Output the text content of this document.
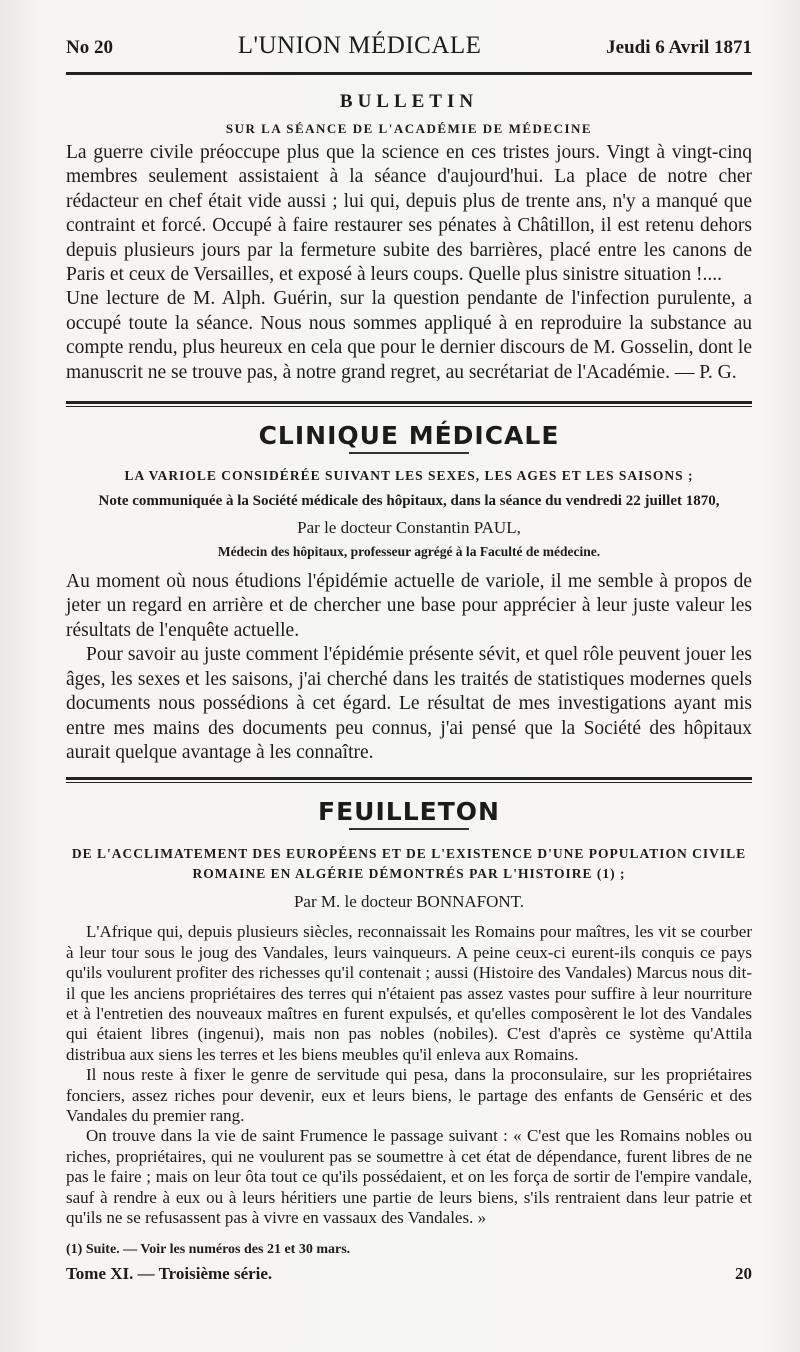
No 20	L'UNION MÉDICALE	Jeudi 6 Avril 1871
BULLETIN
SUR LA SÉANCE DE L'ACADÉMIE DE MÉDECINE

La guerre civile préoccupe plus que la science en ces tristes jours. Vingt à vingt-cinq membres seulement assistaient à la séance d'aujourd'hui. La place de notre cher rédacteur en chef était vide aussi ; lui qui, depuis plus de trente ans, n'y a manqué que contraint et forcé. Occupé à faire restaurer ses pénates à Châtillon, il est retenu dehors depuis plusieurs jours par la fermeture subite des barrières, placé entre les canons de Paris et ceux de Versailles, et exposé à leurs coups. Quelle plus sinistre situation !....

Une lecture de M. Alph. Guérin, sur la question pendante de l'infection purulente, a occupé toute la séance. Nous nous sommes appliqué à en reproduire la substance au compte rendu, plus heureux en cela que pour le dernier discours de M. Gosselin, dont le manuscrit ne se trouve pas, à notre grand regret, au secrétariat de l'Académie. — P. G.

CLINIQUE MÉDICALE
LA VARIOLE CONSIDÉRÉE SUIVANT LES SEXES, LES AGES ET LES SAISONS ;
Note communiquée à la Société médicale des hôpitaux, dans la séance du vendredi 22 juillet 1870,
Par le docteur Constantin PAUL,
Médecin des hôpitaux, professeur agrégé à la Faculté de médecine.

Au moment où nous étudions l'épidémie actuelle de variole, il me semble à propos de jeter un regard en arrière et de chercher une base pour apprécier à leur juste valeur les résultats de l'enquête actuelle.

Pour savoir au juste comment l'épidémie présente sévit, et quel rôle peuvent jouer les âges, les sexes et les saisons, j'ai cherché dans les traités de statistiques modernes quels documents nous possédions à cet égard. Le résultat de mes investigations ayant mis entre mes mains des documents peu connus, j'ai pensé que la Société des hôpitaux aurait quelque avantage à les connaître.

FEUILLETON
DE L'ACCLIMATEMENT DES EUROPÉENS ET DE L'EXISTENCE D'UNE POPULATION CIVILE ROMAINE EN ALGÉRIE DÉMONTRÉS PAR L'HISTOIRE (1) ;
Par M. le docteur BONNAFONT.

L'Afrique qui, depuis plusieurs siècles, reconnaissait les Romains pour maîtres, les vit se courber à leur tour sous le joug des Vandales, leurs vainqueurs. A peine ceux-ci eurent-ils conquis ce pays qu'ils voulurent profiter des richesses qu'il contenait ; aussi (Histoire des Vandales) Marcus nous dit-il que les anciens propriétaires des terres qui n'étaient pas assez vastes pour suffire à leur nourriture et à l'entretien des nouveaux maîtres en furent expulsés, et qu'elles composèrent le lot des Vandales qui étaient libres (ingenui), mais non pas nobles (nobiles). C'est d'après ce système qu'Attila distribua aux siens les terres et les biens meubles qu'il enleva aux Romains.

Il nous reste à fixer le genre de servitude qui pesa, dans la proconsulaire, sur les propriétaires fonciers, assez riches pour devenir, eux et leurs biens, le partage des enfants de Genséric et des Vandales du premier rang.

On trouve dans la vie de saint Frumence le passage suivant : « C'est que les Romains nobles ou riches, propriétaires, qui ne voulurent pas se soumettre à cet état de dépendance, furent libres de ne pas le faire ; mais on leur ôta tout ce qu'ils possédaient, et on les força de sortir de l'empire vandale, sauf à rendre à eux ou à leurs héritiers une partie de leurs biens, s'ils rentraient dans leur patrie et qu'ils ne se refusassent pas à vivre en vassaux des Vandales. »

(1) Suite. — Voir les numéros des 21 et 30 mars.
Tome XI. — Troisième série.	20
